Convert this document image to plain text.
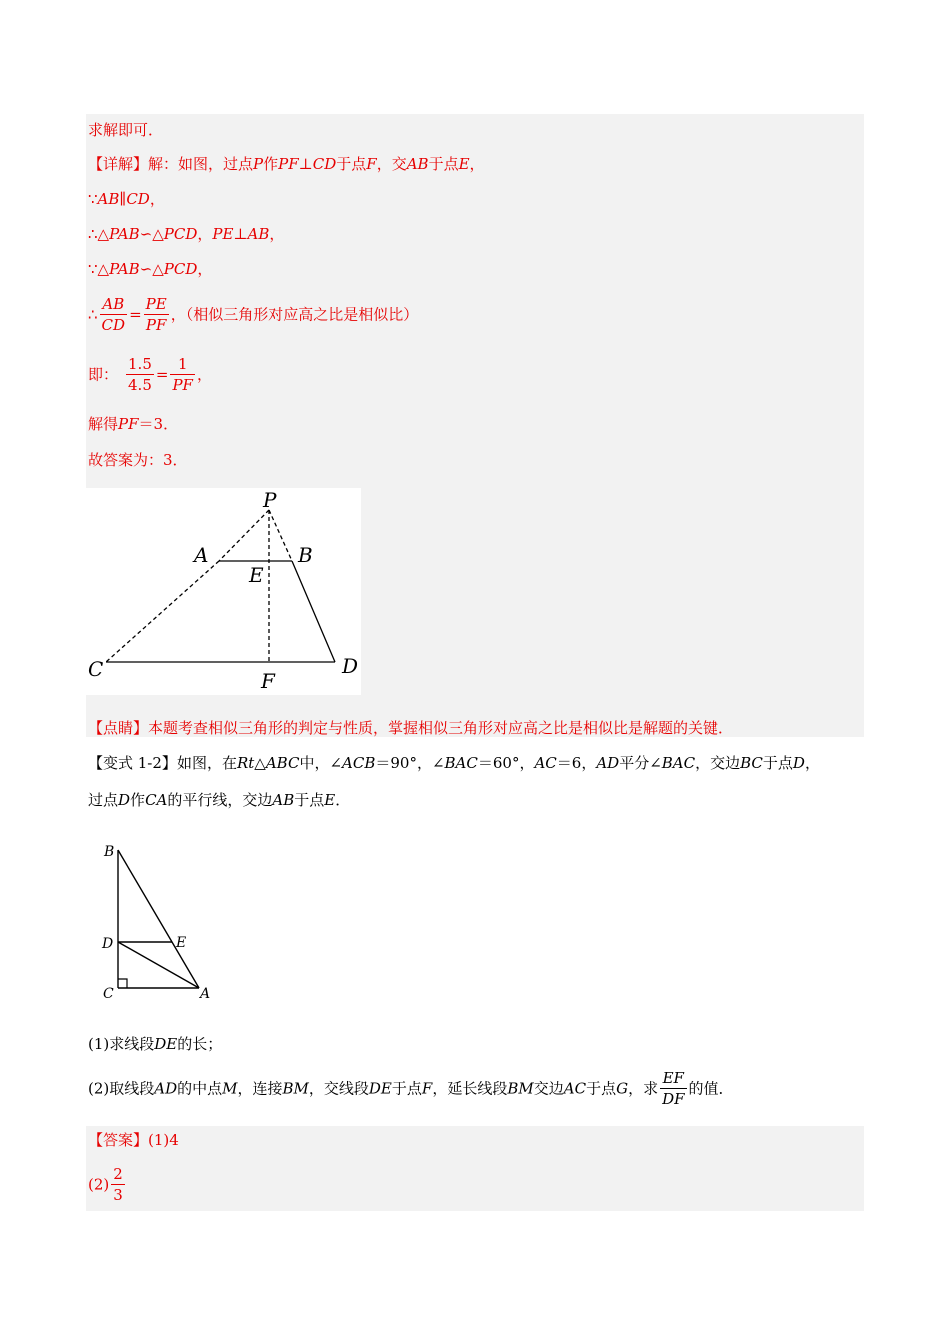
求解即可．
【详解】解：如图，过点P作PF⊥CD于点F，交AB于点E，
∵AB∥CD，
∴△PAB∽△PCD，PE⊥AB，
∵△PAB∽△PCD，
∴ $\frac{AB}{CD} = \frac{PE}{PF}$ ，（相似三角形对应高之比是相似比）
即： $\frac{1.5}{4.5} = \frac{1}{PF}$ ，
解得PF＝3．
故答案为：3．
P
A	B
E
C	D
F
【点睛】本题考查相似三角形的判定与性质，掌握相似三角形对应高之比是相似比是解题的关键．
【变式 1-2】如图，在Rt△ABC中，∠ACB＝90°，∠BAC＝60°，AC＝6，AD平分∠BAC，交边BC于点D，
过点D作CA的平行线，交边AB于点E．
B
D	E
C	A
(1)求线段DE的长；
(2)取线段AD的中点M，连接BM，交线段DE于点F，延长线段BM交边AC于点G，求 $\frac{EF}{DF}$ 的值．
【答案】(1)4
$(2) \frac{2}{3}$
